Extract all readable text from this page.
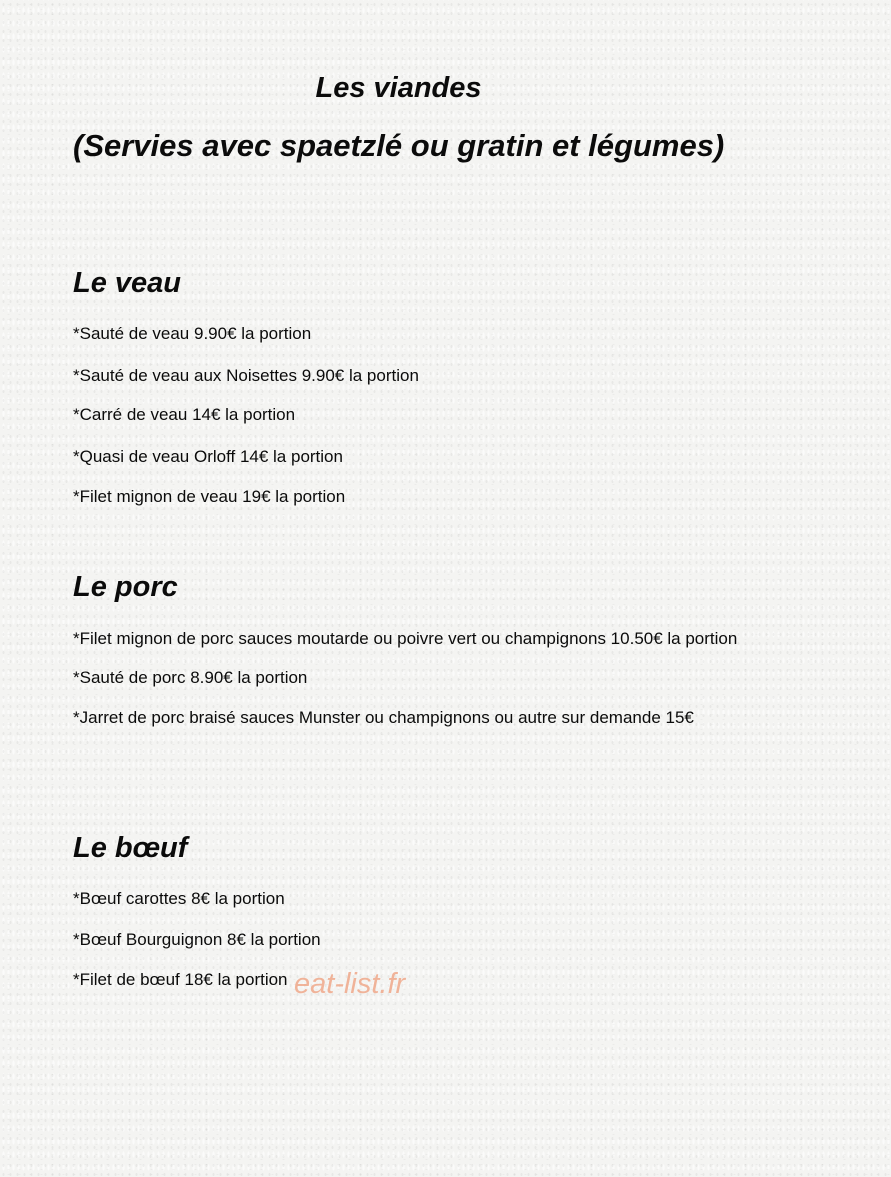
Les viandes
(Servies avec spaetzlé ou gratin et légumes)
Le veau
*Sauté de veau 9.90€ la portion
*Sauté de veau aux Noisettes 9.90€ la portion
*Carré de veau 14€ la portion
*Quasi de veau Orloff 14€ la portion
*Filet mignon de veau 19€ la portion
Le porc
*Filet mignon de porc sauces moutarde ou poivre vert ou champignons 10.50€ la portion
*Sauté de porc 8.90€ la portion
*Jarret de porc braisé sauces Munster ou champignons ou autre sur demande 15€
Le bœuf
*Bœuf carottes 8€ la portion
*Bœuf Bourguignon 8€ la portion
*Filet de bœuf 18€ la portion eat-list.fr
